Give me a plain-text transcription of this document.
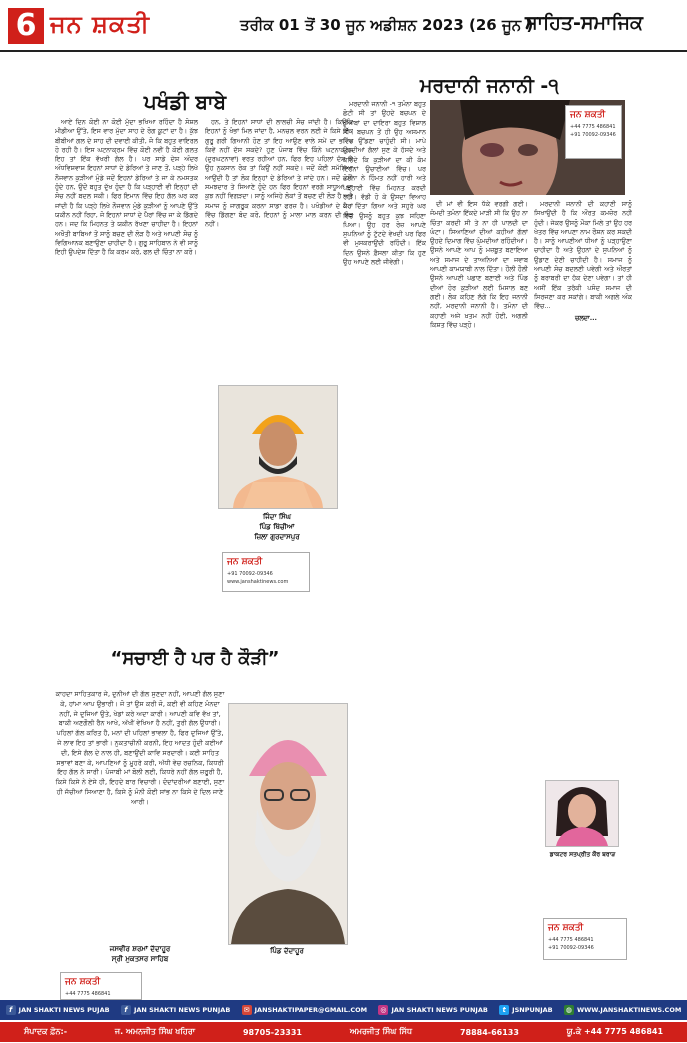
6 ਜਨ ਸ਼ਕਤੀ	ਤਰੀਕ 01 ਤੋਂ 30 ਜੂਨ ਅਡੀਸ਼ਨ 2023 (26 ਜੂਨ )
ਸਾਹਿਤ-ਸਮਾਜਿਕ
ਪਖੰਡੀ ਬਾਬੇ

ਆਏ ਦਿਨ ਕੋਈ ਨਾ ਕੋਈ ਮੁੱਦਾ ਭਖਿਆ ਰਹਿੰਦਾ ਹੈ ਸੋਸ਼ਲ ਮੀਡੀਆ ਉੱਤੇ, ਇਸ ਵਾਰ ਮੁੱਦਾ ਸਾਹ ਦੇ ਰੋਗ ਕੂਟਾਂ ਦਾ ਹੈ। ਕੁੱਝ ਬੀਬੀਆਂ ਗਲ ਦੇ ਸਾਹ ਦੀ ਦਵਾਈ ਕੀਤੀ, ਜੋ ਕਿ ਬਹੁਤ ਵਾਇਰਲ ਹੋ ਰਹੀ ਹੈ। ਇਸ ਘਟਨਾਕ੍ਰਮ ਵਿੱਚ ਕੋਈ ਨਵੀਂ ਹੈ ਕੋਈ ਗਲਤ ਇਹ ਤਾਂ ਇੱਕ ਵੱਖਰੀ ਗੱਲ ਹੈ। ਪਰ ਸਾਡੇ ਦੇਸ਼ ਅੰਦਰ ਅੰਧਵਿਸ਼ਵਾਸ਼ ਇਹਨਾਂ ਸਾਧਾਂ ਦੇ ਡੇਰਿਆਂ ਤੇ ਜਾਣ ਤੋਂ, ਪੜ੍ਹੇ ਲਿਖੇ ਨੌਜਵਾਨ ਕੁੜੀਆਂ ਮੁੰਡੇ ਜਦੋਂ ਇਹਨਾਂ ਡੇਰਿਆਂ ਤੇ ਜਾ ਕੇ ਨਮਸਤਕ ਹੁੰਦੇ ਹਨ, ਉਦੋਂ ਬਹੁਤ ਦੁੱਖ ਹੁੰਦਾ ਹੈ ਕਿ ਪੜ੍ਹਾਈ ਵੀ ਇਨ੍ਹਾਂ ਦੀ ਸੋਚ ਨਹੀਂ ਬਦਲ ਸਕੀ। ਫਿਰ ਇਮਾਨ ਵਿੱਚ ਇਹ ਗੱਲ ਘਰ ਕਰ ਜਾਂਦੀ ਹੈ ਕਿ ਪੜ੍ਹੇ ਲਿਖੇ ਨੌਜਵਾਨ ਮੁੰਡੇ ਕੁੜੀਆਂ ਨੂੰ ਆਪਣੇ ਉੱਤੇ ਯਕੀਨ ਨਹੀਂ ਰਿਹਾ, ਜੋ ਇਹਨਾਂ ਸਾਧਾਂ ਦੇ ਪੈਰਾਂ ਵਿੱਚ ਜਾ ਕੇ ਡਿੱਗਦੇ ਹਨ। ਜਦ ਕਿ ਮਿਹਨਤ ਤੇ ਯਕੀਨ ਰੱਖਣਾ ਚਾਹੀਦਾ ਹੈ। ਇਹਨਾਂ ਅਖੌਤੀ ਬਾਬਿਆਂ ਤੋਂ ਸਾਨੂੰ ਬਚਣ ਦੀ ਲੋੜ ਹੈ ਅਤੇ ਆਪਣੀ ਸੋਚ ਨੂੰ ਵਿਗਿਆਨਕ ਬਣਾਉਣਾ ਚਾਹੀਦਾ ਹੈ। ਗੁਰੂ ਸਾਹਿਬਾਨ ਨੇ ਵੀ ਸਾਨੂੰ ਇਹੀ ਉਪਦੇਸ਼ ਦਿੱਤਾ ਹੈ ਕਿ ਕਰਮ ਕਰੋ, ਫਲ ਦੀ ਚਿੰਤਾ ਨਾ ਕਰੋ।

ਹਨ, ਤੇ ਇਹਨਾਂ ਸਾਧਾਂ ਦੀ ਲਾਲਚੀ ਸੋਚ ਜਾਂਦੀ ਹੈ। ਕਿਉਂਕਿ ਇਹਨਾਂ ਨੂੰ ਖੰਭਾਂ ਮਿਲ ਜਾਂਦਾ ਹੈ, ਮਨਚਲ ਵਰਨ ਲਈ ਜੇ ਕਿਸੇ ਇੱਕ ਗੁਰੂ ਗਰੀ ਗਿਆਨੀ ਹੋਣ ਤਾਂ ਇਹ ਆਉਣ ਵਾਲੇ ਸਮੇਂ ਦਾ ਭਵਿੱਖ ਕਿਵੇਂ ਨਹੀਂ ਦੱਸ ਸਕਦੇ? ਹੁਣ ਪੰਜਾਬ ਵਿੱਚ ਕਿੰਨੇ ਘਟਨਾਕ੍ਰਮ (ਦੁਰਘਟਨਾਵਾਂ) ਵਰਤ ਰਹੀਆਂ ਹਨ, ਫਿਰ ਇਹ ਪਹਿਲਾਂ ਦੱਸ ਕੇ ਉਹ ਨੁਕਸਾਨ ਰੋਕ ਤਾਂ ਕਿਉਂ ਨਹੀਂ ਸਕਦੇ। ਜਦੋਂ ਕੋਈ ਸਮੱਸਿਆ ਆਉਂਦੀ ਹੈ ਤਾਂ ਲੋਕ ਇਨ੍ਹਾਂ ਦੇ ਡੇਰਿਆਂ ਤੇ ਜਾਂਦੇ ਹਨ। ਜਦੋਂ ਕੋਈ ਸਮਝਦਾਰ ਤੇ ਸਿਆਣੇ ਹੁੰਦੇ ਹਨ ਫਿਰ ਇਹਨਾਂ ਵਰਗੇ ਸਾਧੂਆਂ ਦਾ ਕੁਝ ਨਹੀਂ ਵਿਗੜਦਾ। ਸਾਨੂੰ ਅਜਿਹੇ ਲੋਕਾਂ ਤੋਂ ਬਚਣ ਦੀ ਲੋੜ ਹੈ ਅਤੇ ਸਮਾਜ ਨੂੰ ਜਾਗਰੂਕ ਕਰਨਾ ਸਾਡਾ ਫਰਜ਼ ਹੈ। ਪਖੰਡੀਆਂ ਦੇ ਪੈਰਾਂ ਵਿੱਚ ਡਿੱਗਣਾ ਬੰਦ ਕਰੋ, ਇਹਨਾਂ ਨੂੰ ਮਾਲਾ ਮਾਲ ਕਰਨ ਦੀ ਲੋੜ ਨਹੀਂ।

ਜਿੰਦਾ ਸਿੰਘ
ਪਿੰਡ ਖਿੱਚੀਆਂ
ਜ਼ਿਲਾ ਗੁਰਦਾਸਪੁਰ
ਜਨ ਸ਼ਕਤੀ
+91 70092-09346
www.janshaktinews.com
“ਸਚਾਈ ਹੈ ਪਰ ਹੈ ਕੌੜੀ”

ਕਾਹਦਾ ਸਾਹਿਤਕਾਰ ਜੇ, ਦੁਨੀਆਂ ਦੀ ਗੱਲ ਸੁਣਦਾ ਨਹੀਂ, ਆਪਣੀ ਗੱਲ ਸੁਣਾ ਕੇ, ਹਾਂਮਾ ਆਪ ਉਭਾਰੀ। ਜੋ ਤਾਂ ਉਸ ਕਰੀ ਜੋ, ਕਈ ਵੀ ਕਹਿਣ ਮੰਨਦਾ ਨਹੀਂ, ਜੇ ਦੁਜਿਆਂ ਉਤੇ, ਖੇਡਾਂ ਕਰੇ ਅਦਾ ਕਾਰੀ। ਆਪਣੀ ਕਵਿ ਵੱਖ ਤਾਂ, ਬਾਕੀ ਅਣਗੌਲੀ ਰੈਨ ਆਖੇ, ਅੱਖੀਂ ਵੇਖਿਆ ਹੈ ਨਹੀਂ, ਤੁਰੀ ਗੱਲ ਉਧਾਰੀ। ਪਹਿਲਾਂ ਗੱਲ ਕਰਿਤ ਹੈ, ਮਨਾਂ ਦੀ ਪਹਿਲਾਂ ਭਾਵਲਾ ਹੈ, ਫਿਰ ਦੁਜਿਆਂ ਉੱਤੇ, ਜੇ ਲਾਵ ਇਹ ਤਾਂ ਭਾਰੀ। ਨੁਕਤਾਚੀਨੀ ਕਰਨੀ, ਇਹ ਆਦਤ ਹੁੰਦੀ ਕਈਆਂ ਦੀ, ਇਸੇ ਗੱਲ ਦੇ ਨਾਲ ਹੀ, ਬਣਾਉਂਦੀ ਕਾਵਿ ਸਰਦਾਰੀ। ਕਈ ਸਾਹਿਤ ਸਭਾਵਾਂ ਬਣਾ ਕੇ, ਆਪਣਿਆਂ ਨੂੰ ਮੂਹਰੇ ਕਰੀ, ਅੱਧੀ ਵੇਚ ਰਚਨਿਕ, ਕਿਧਰੀ ਇਹ ਗੱਲ ਨੇ ਸਾਰੀ। ਪੰਜਾਬੀ ਮਾਂ ਬੋਲੀ ਲਈ, ਕਿਧਰੇ ਨਹੀਂ ਗੱਲ ਜ਼ਰੂਰੀ ਹੈ, ਕਿਸੇ ਕਿਸੇ ਨੇ ਏਸੇ ਹੀ, ਇਹਦੇ ਬਾਰ ਵਿਚਾਰੀ। ਦੰਦਾਂਦਰੀਆਂ ਬਣਾਈ, ਸੁਣਾ ਹੀ ਜੱਚੀਆਂ ਸਿਆਣਾ ਹੈ, ਕਿਸੇ ਨੂੰ ਮੰਨੀ ਕੋਈ ਸਾਂਭ ਨਾ ਕਿਸੇ ਦੇ ਦਿਲ ਜਾਣੇ ਆਰੀ।

ਜਸਵੀਰ ਸ਼ਰਮਾਂ ਦੱਦਾਹੂਰ
ਸ੍ਰੀ ਮੁਕਤਸਰ ਸਾਹਿਬ
ਜਨ ਸ਼ਕਤੀ
+44 7775 486841
ਪਿੰਡ ਦੱਦਾਹੂਰ
ਮਰਦਾਨੀ ਜਨਾਨੀ -੧
ਜਨ ਸ਼ਕਤੀ
+44 7775 486841
+91 70092-09346

ਮਰਦਾਨੀ ਜਨਾਨੀ -੧ ਤਮੰਨਾ ਬਹੁਤ ਛੋਟੀ ਸੀ ਤਾਂ ਉਹਦੇ ਬਚਪਨ ਦੇ ਖ਼ੁਆਬਾਂ ਦਾ ਦਾਇਰਾ ਬਹੁਤ ਵਿਸ਼ਾਲ ਸੀ। ਬਚਪਨ ਤੋਂ ਹੀ ਉਹ ਅਸਮਾਨ ਵਿੱਚ ਉੱਡਣਾ ਚਾਹੁੰਦੀ ਸੀ। ਮਾਪੇ ਉਹਦੀਆਂ ਗੱਲਾਂ ਸੁਣ ਕੇ ਹੱਸਦੇ ਅਤੇ ਕਹਿੰਦੇ ਕਿ ਕੁੜੀਆਂ ਦਾ ਕੀ ਕੰਮ ਇਹਨਾਂ ਉਚਾਈਆਂ ਵਿੱਚ। ਪਰ ਤਮੰਨਾ ਨੇ ਹਿੰਮਤ ਨਹੀਂ ਹਾਰੀ ਅਤੇ ਪੜ੍ਹਾਈ ਵਿੱਚ ਮਿਹਨਤ ਕਰਦੀ ਰਹੀ। ਵੱਡੀ ਹੋ ਕੇ ਉਸਦਾ ਵਿਆਹ ਕਰ ਦਿੱਤਾ ਗਿਆ ਅਤੇ ਸਹੁਰੇ ਘਰ ਵਿੱਚ ਉਸਨੂੰ ਬਹੁਤ ਕੁਝ ਸਹਿਣਾ ਪਿਆ। ਉਹ ਹਰ ਰੋਜ਼ ਆਪਣੇ ਸੁਪਨਿਆਂ ਨੂੰ ਟੁੱਟਦੇ ਵੇਖਦੀ ਪਰ ਫਿਰ ਵੀ ਮੁਸਕਰਾਉਂਦੀ ਰਹਿੰਦੀ। ਇੱਕ ਦਿਨ ਉਸਨੇ ਫ਼ੈਸਲਾ ਕੀਤਾ ਕਿ ਹੁਣ ਉਹ ਆਪਣੇ ਲਈ ਜੀਵੇਗੀ।

ਦੀ ਮਾਂ ਵੀ ਇਸ ਧੱਕੇ ਵਰਗੀ ਗਈ। ਜੰਮਦੀ ਤਮੰਨਾ ਇੱਕਦੇ ਮਾੜੀ ਸੀ ਕਿ ਉਹ ਨਾ ਚਿੰਤਾ ਕਰਦੀ ਸੀ ਤੇ ਨਾ ਹੀ ਪਾਲਦੀ ਦਾ ਘੰਟਾ। ਸਿਆਣਿਆਂ ਦੀਆਂ ਕਹੀਆਂ ਗੱਲਾਂ ਉਹਦੇ ਦਿਮਾਗ ਵਿੱਚ ਘੁੰਮਦੀਆਂ ਰਹਿੰਦੀਆਂ। ਉਸਨੇ ਆਪਣੇ ਆਪ ਨੂੰ ਮਜ਼ਬੂਤ ਬਣਾਇਆ ਅਤੇ ਸਮਾਜ ਦੇ ਤਾਅਨਿਆਂ ਦਾ ਜਵਾਬ ਆਪਣੀ ਕਾਮਯਾਬੀ ਨਾਲ ਦਿੱਤਾ। ਹੌਲੀ ਹੌਲੀ ਉਸਨੇ ਆਪਣੀ ਪਛਾਣ ਬਣਾਈ ਅਤੇ ਪਿੰਡ ਦੀਆਂ ਹੋਰ ਕੁੜੀਆਂ ਲਈ ਮਿਸਾਲ ਬਣ ਗਈ। ਲੋਕ ਕਹਿਣ ਲੱਗੇ ਕਿ ਇਹ ਜਨਾਨੀ ਨਹੀਂ, ਮਰਦਾਨੀ ਜਨਾਨੀ ਹੈ। ਤਮੰਨਾ ਦੀ ਕਹਾਣੀ ਅਜੇ ਖ਼ਤਮ ਨਹੀਂ ਹੋਈ, ਅਗਲੀ ਕਿਸ਼ਤ ਵਿੱਚ ਪੜ੍ਹੋ।

ਮਰਦਾਨੀ ਜਨਾਨੀ ਦੀ ਕਹਾਣੀ ਸਾਨੂੰ ਸਿਖਾਉਂਦੀ ਹੈ ਕਿ ਔਰਤ ਕਮਜ਼ੋਰ ਨਹੀਂ ਹੁੰਦੀ। ਜੇਕਰ ਉਸਨੂੰ ਮੌਕਾ ਮਿਲੇ ਤਾਂ ਉਹ ਹਰ ਖੇਤਰ ਵਿੱਚ ਆਪਣਾ ਨਾਮ ਰੌਸ਼ਨ ਕਰ ਸਕਦੀ ਹੈ। ਸਾਨੂੰ ਆਪਣੀਆਂ ਧੀਆਂ ਨੂੰ ਪੜ੍ਹਾਉਣਾ ਚਾਹੀਦਾ ਹੈ ਅਤੇ ਉਹਨਾਂ ਦੇ ਸੁਪਨਿਆਂ ਨੂੰ ਉਡਾਣ ਦੇਣੀ ਚਾਹੀਦੀ ਹੈ। ਸਮਾਜ ਨੂੰ ਆਪਣੀ ਸੋਚ ਬਦਲਣੀ ਪਵੇਗੀ ਅਤੇ ਔਰਤਾਂ ਨੂੰ ਬਰਾਬਰੀ ਦਾ ਹੱਕ ਦੇਣਾ ਪਵੇਗਾ। ਤਾਂ ਹੀ ਅਸੀਂ ਇੱਕ ਤਰੱਕੀ ਪਸੰਦ ਸਮਾਜ ਦੀ ਸਿਰਜਣਾ ਕਰ ਸਕਾਂਗੇ। ਬਾਕੀ ਅਗਲੇ ਅੰਕ ਵਿੱਚ...

ਚਲਦਾ...

ਡਾਕਟਰ ਸਤਪ੍ਰੀਤ ਕੌਰ ਬਰਾੜ
ਜਨ ਸ਼ਕਤੀ
+44 7775 486841
+91 70092-09346
f JAN SHAKTI NEWS PUJAB	f JAN SHAKTI NEWS PUNJAB ✉ JANSHAKTIPAPER@GMAIL.COM ◎ JAN SHAKTI NEWS PUNJAB	t JSNPUNJAB ◍ WWW.JANSHAKTINEWS.COM
ਸੰਪਾਦਕ ਫ਼ੋਨ:-	ਜ. ਅਮਨਜੀਤ ਸਿੰਘ ਖਹਿਰਾ	98705-23331	ਅਮਰਜੀਤ ਸਿੰਘ ਸਿੱਧ	78884-66133	ਯੂ.ਕੇ +44 7775 486841
